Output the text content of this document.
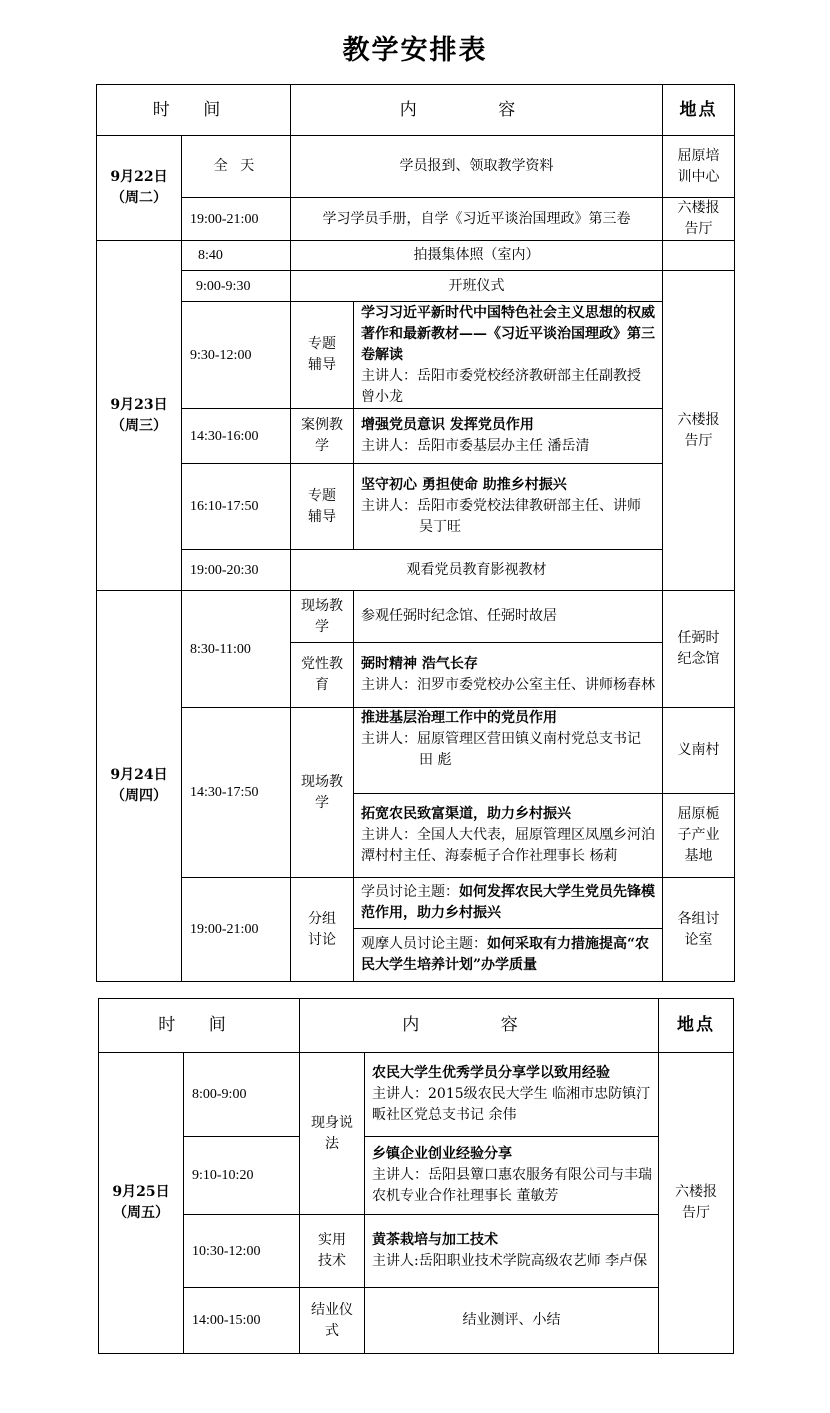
教学安排表
时 间		内 容		地点

9月22日
（周二）	全 天	学员报到、领取教学资料		屈原培训中心
	19:00-21:00	学习学员手册，自学《习近平谈治国理政》第三卷		六楼报告厅

9月23日
（周三）	8:40	拍摄集体照（室内）		
	9:00-9:30	开班仪式		六楼报告厅
	9:30-12:00	专题辅导	学习习近平新时代中国特色社会主义思想的权威著作和最新教材——《习近平谈治国理政》第三卷解读
主讲人：岳阳市委党校经济教研部主任副教授 曾小龙	

	14:30-16:00	案例教学	增强党员意识 发挥党员作用
主讲人：岳阳市委基层办主任 潘岳清	

	16:10-17:50	专题辅导	坚守初心 勇担使命 助推乡村振兴
主讲人：岳阳市委党校法律教研部主任、讲师
吴丁旺	

	19:00-20:30	观看党员教育影视教材		

9月24日
（周四）	8:30-11:00	现场教学	参观任弼时纪念馆、任弼时故居	任弼时纪念馆
		党性教育	弼时精神 浩气长存
主讲人：汨罗市委党校办公室主任、讲师杨春林	

	14:30-17:50	现场教学	推进基层治理工作中的党员作用
主讲人：屈原管理区营田镇义南村党总支书记
田 彪	义南村

			拓宽农民致富渠道，助力乡村振兴
主讲人：全国人大代表，屈原管理区凤凰乡河泊潭村村主任、海泰栀子合作社理事长 杨莉	屈原栀子产业基地
	19:00-21:00	分组讨论	学员讨论主题：如何发挥农民大学生党员先锋模范作用，助力乡村振兴	各组讨论室
			观摩人员讨论主题：如何采取有力措施提高“农民大学生培养计划”办学质量	
时 间		内 容		地点

9月25日
（周五）	8:00-9:00	现身说法	农民大学生优秀学员分享学以致用经验
主讲人：2015级农民大学生 临湘市忠防镇汀畈社区党总支书记 余伟	六楼报告厅
	9:10-10:20		乡镇企业创业经验分享
主讲人：岳阳县簟口惠农服务有限公司与丰瑞农机专业合作社理事长 董敏芳	

	10:30-12:00	实用技术	黄茶栽培与加工技术
主讲人:岳阳职业技术学院高级农艺师 李卢保	

	14:00-15:00	结业仪式	结业测评、小结	
